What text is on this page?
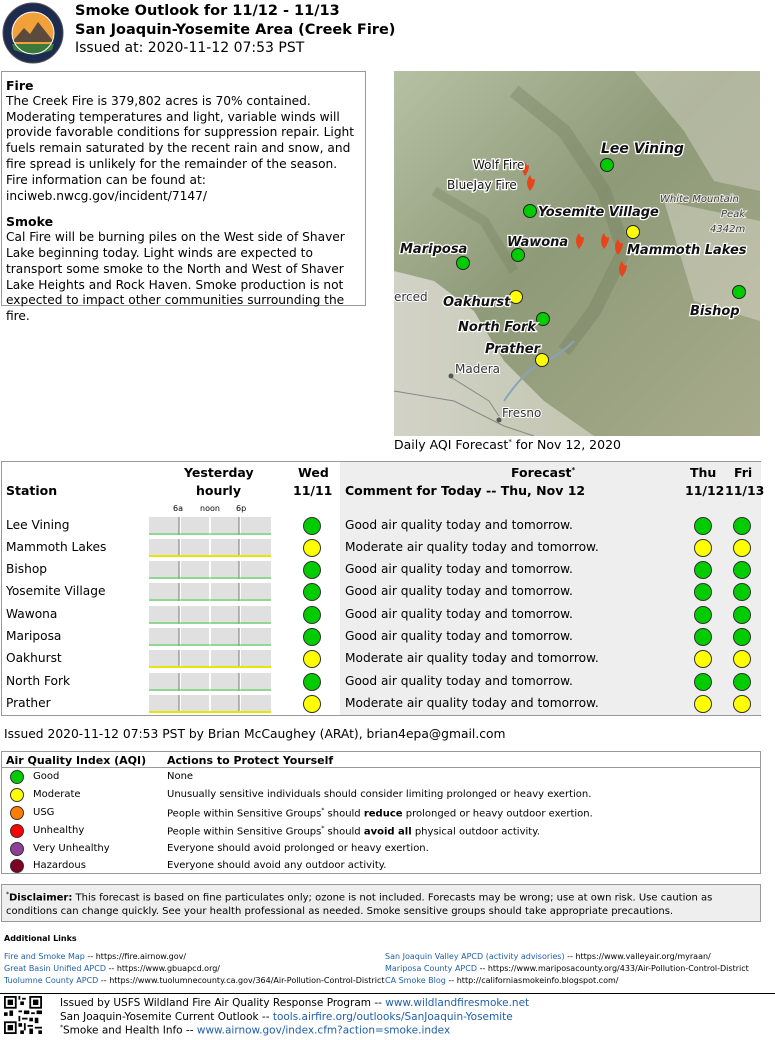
Smoke Outlook for 11/12 - 11/13
San Joaquin-Yosemite Area (Creek Fire)
Issued at: 2020-11-12 07:53 PST
Fire

The Creek Fire is 379,802 acres is 70% contained. Moderating temperatures and light, variable winds will provide favorable conditions for suppression repair. Light fuels remain saturated by the recent rain and snow, and fire spread is unlikely for the remainder of the season. Fire information can be found at: inciweb.nwcg.gov/incident/7147/

Smoke

Cal Fire will be burning piles on the West side of Shaver Lake beginning today. Light winds are expected to transport some smoke to the North and West of Shaver Lake Heights and Rock Haven. Smoke production is not expected to impact other communities surrounding the fire.

Lee Vining
Yosemite Village
Mariposa	Wawona
Mammoth Lakes
Oakhurst
Bishop
North Fork
Prather
Wolf Fire
BlueJay Fire
White Mountain
Peak
4342m
erced
Madera
Fresno
Daily AQI Forecast* for Nov 12, 2020
Station
Yesterday
hourly
Wed
11/11
Forecast*
Comment for Today -- Thu, Nov 12
Thu
11/12
Fri
11/13
6a noon 6p
Lee Vining	Good air quality today and tomorrow.
Mammoth Lakes	Moderate air quality today and tomorrow.
Bishop	Good air quality today and tomorrow.
Yosemite Village	Good air quality today and tomorrow.
Wawona	Good air quality today and tomorrow.
Mariposa	Good air quality today and tomorrow.
Oakhurst	Moderate air quality today and tomorrow.
North Fork	Good air quality today and tomorrow.
Prather	Moderate air quality today and tomorrow.
Issued 2020-11-12 07:53 PST by Brian McCaughey (ARAt), brian4epa@gmail.com
Air Quality Index (AQI) Actions to Protect Yourself
Good	None
Moderate	Unusually sensitive individuals should consider limiting prolonged or heavy exertion.
USG	People within Sensitive Groups* should reduce prolonged or heavy outdoor exertion.
Unhealthy	People within Sensitive Groups* should avoid all physical outdoor activity.
Very Unhealthy	Everyone should avoid prolonged or heavy exertion.
Hazardous	Everyone should avoid any outdoor activity.
*Disclaimer: This forecast is based on fine particulates only; ozone is not included. Forecasts may be wrong; use at own risk. Use caution as conditions can change quickly. See your health professional as needed. Smoke sensitive groups should take appropriate precautions.
Additional Links
Fire and Smoke Map -- https://fire.airnow.gov/
Great Basin Unified APCD -- https://www.gbuapcd.org/
Tuolumne County APCD -- https://www.tuolumnecounty.ca.gov/364/Air-Pollution-Control-District
San Joaquin Valley APCD (activity advisories) -- https://www.valleyair.org/myraan/
Mariposa County APCD -- https://www.mariposacounty.org/433/Air-Pollution-Control-District
CA Smoke Blog -- http://californiasmokeinfo.blogspot.com/
Issued by USFS Wildland Fire Air Quality Response Program -- www.wildlandfiresmoke.net
San Joaquin-Yosemite Current Outlook -- tools.airfire.org/outlooks/SanJoaquin-Yosemite
*Smoke and Health Info -- www.airnow.gov/index.cfm?action=smoke.index
